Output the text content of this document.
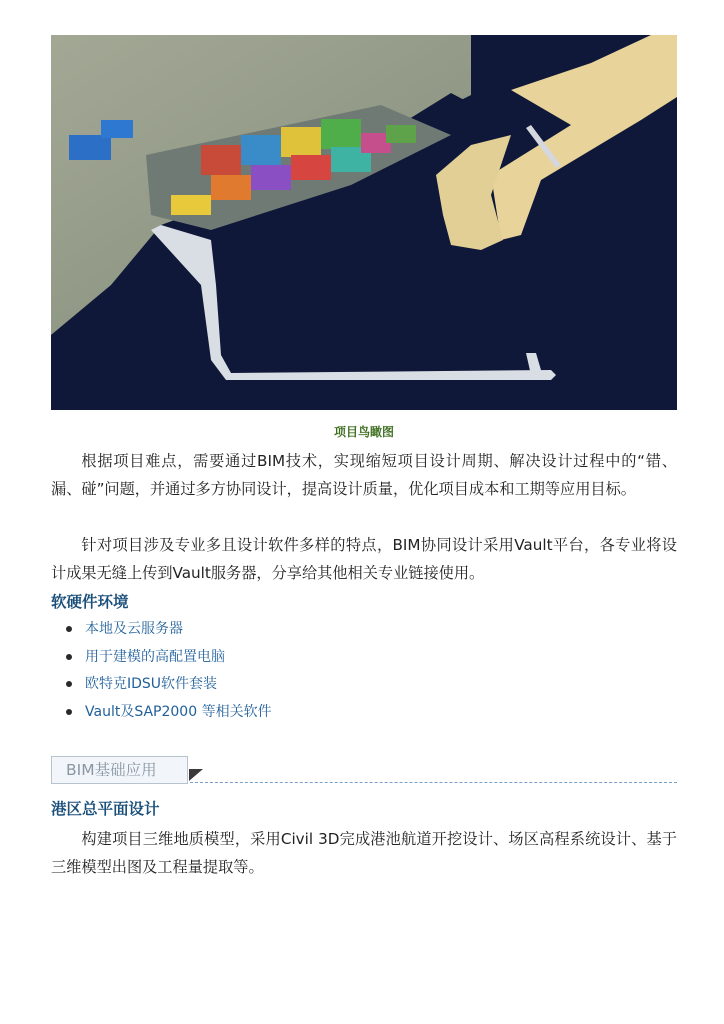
项目鸟瞰图

根据项目难点，需要通过BIM技术，实现缩短项目设计周期、解决设计过程中的“错、漏、碰”问题，并通过多方协同设计，提高设计质量，优化项目成本和工期等应用目标。

针对项目涉及专业多且设计软件多样的特点，BIM协同设计采用Vault平台，各专业将设计成果无缝上传到Vault服务器，分享给其他相关专业链接使用。

软硬件环境
本地及云服务器
用于建模的高配置电脑
欧特克IDSU软件套装
Vault及SAP2000 等相关软件
BIM基础应用
港区总平面设计

构建项目三维地质模型，采用Civil 3D完成港池航道开挖设计、场区高程系统设计、基于三维模型出图及工程量提取等。
